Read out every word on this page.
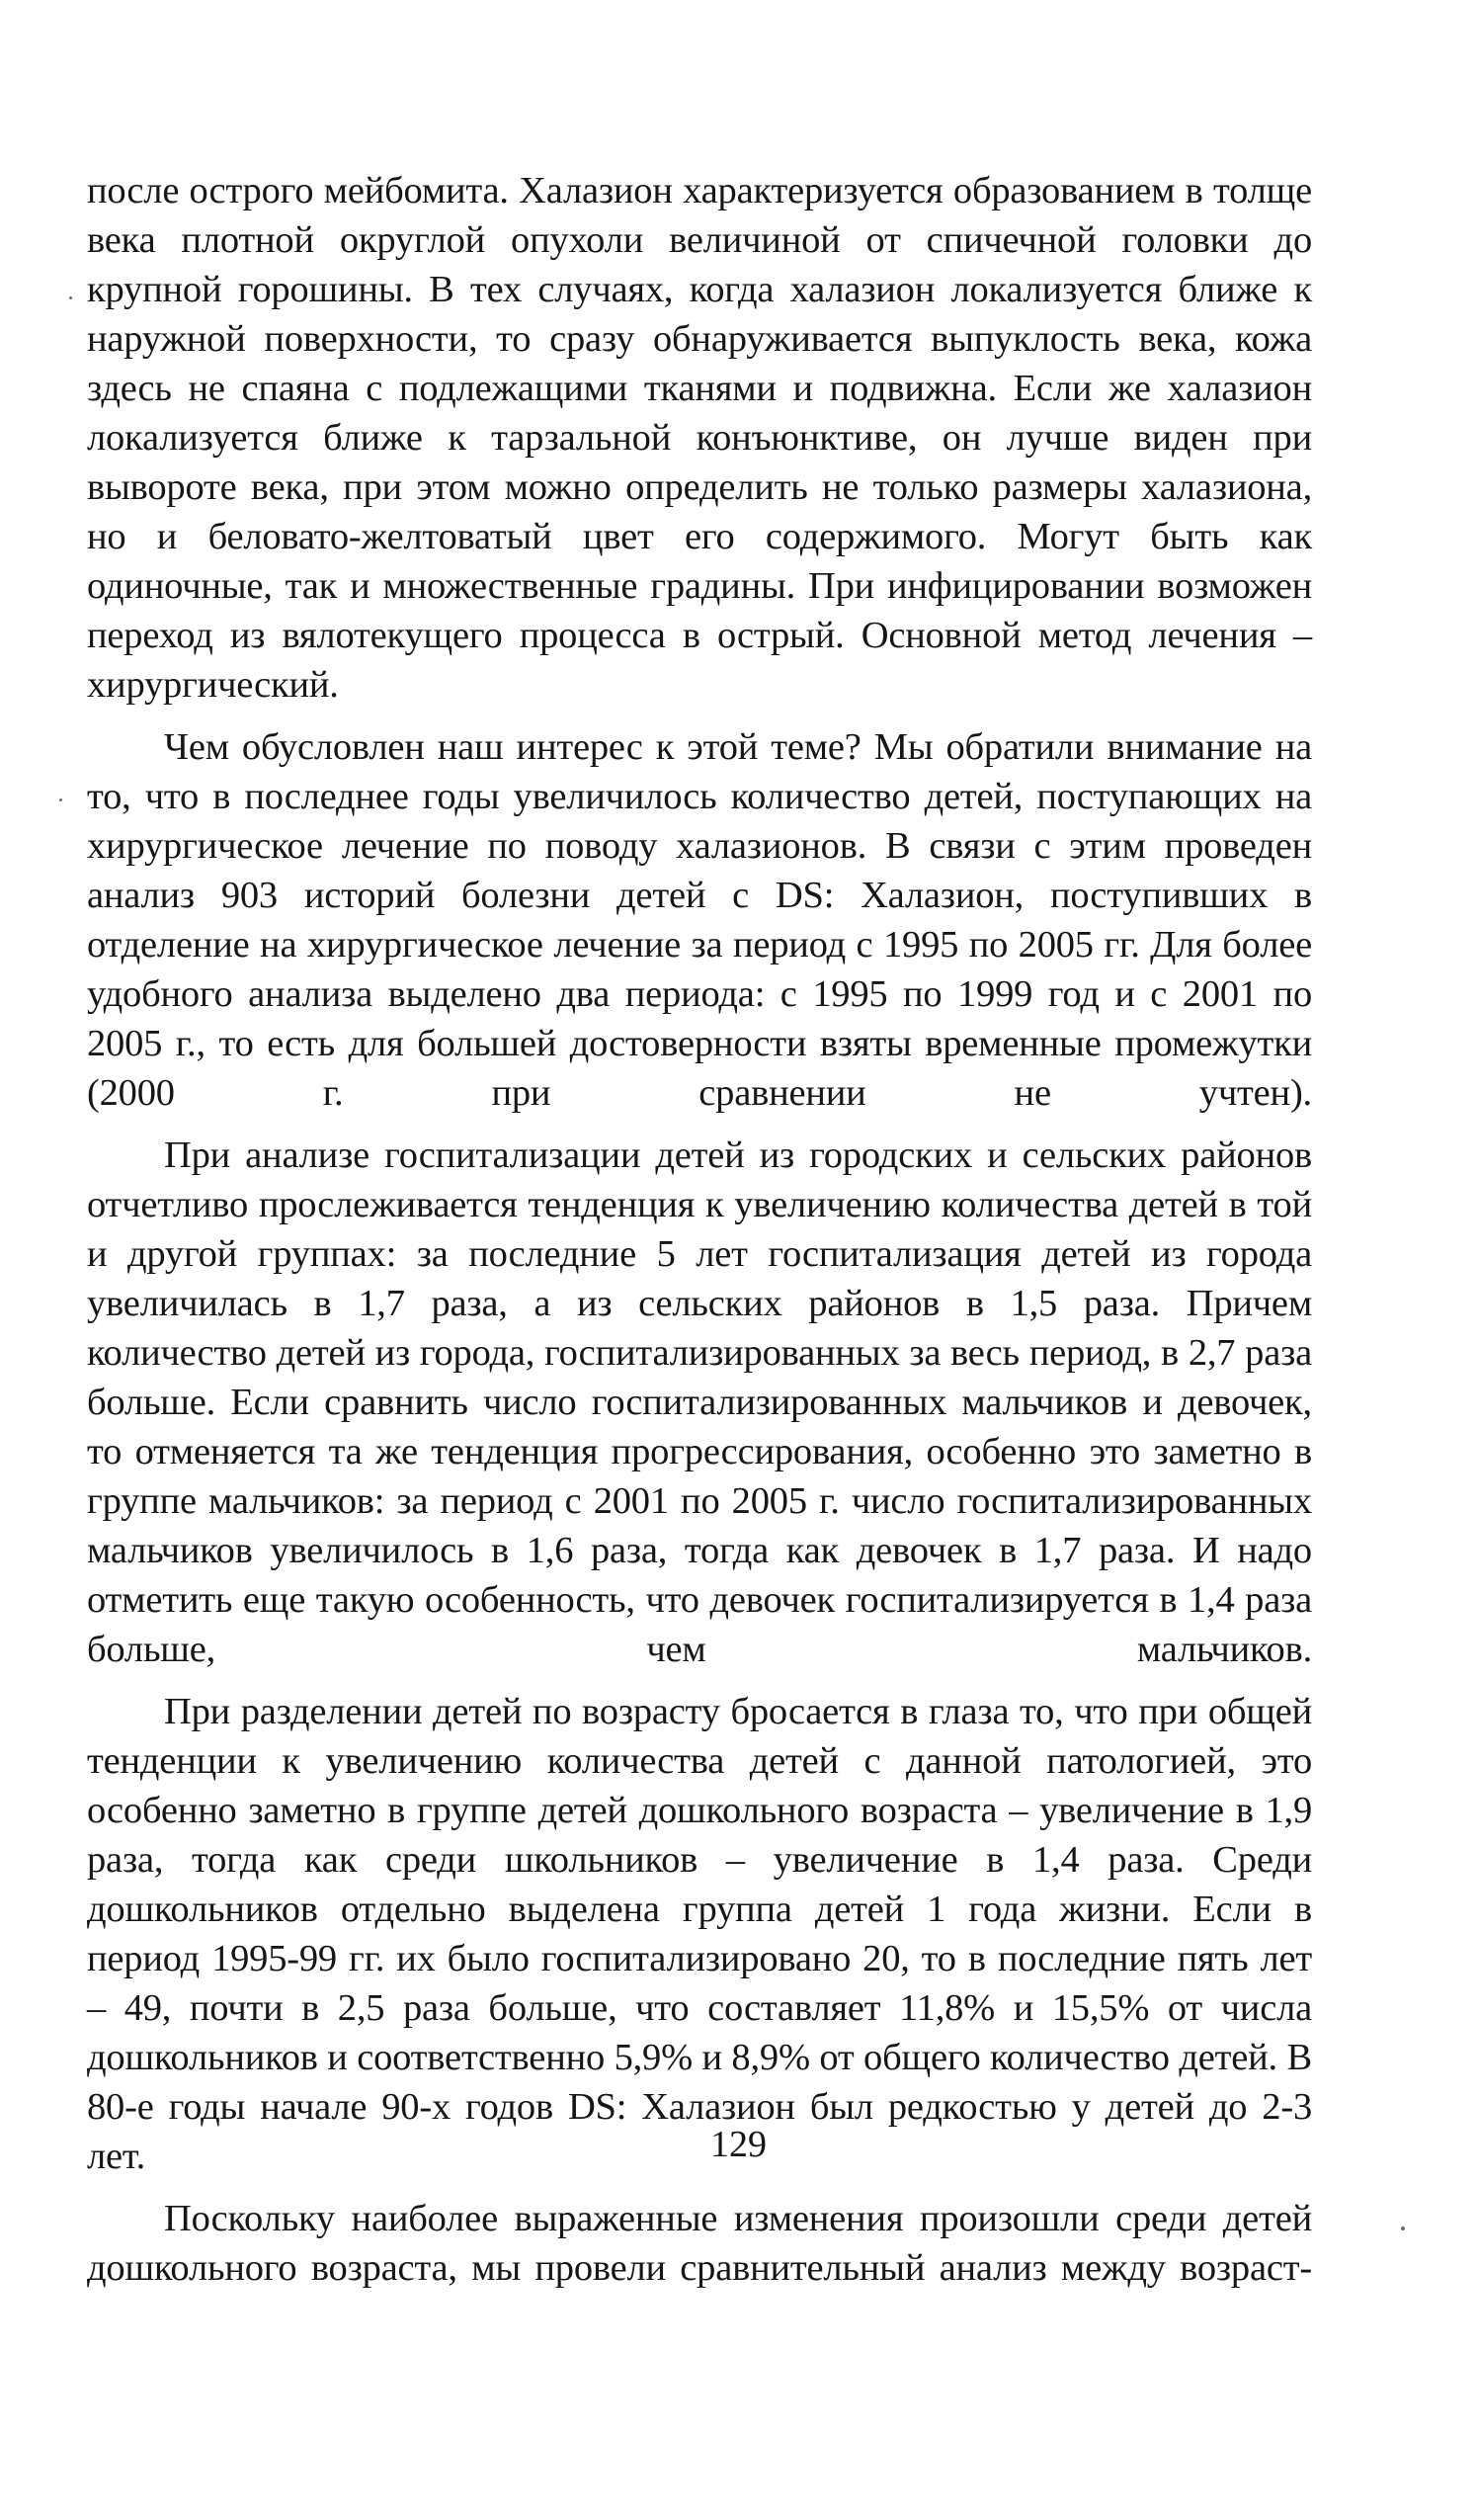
после острого мейбомита. Халазион характеризуется образованием в толще века плотной округлой опухоли величиной от спичечной головки до крупной горошины. В тех случаях, когда халазион локализуется ближе к наружной поверхности, то сразу обнаруживается выпуклость века, кожа здесь не спаяна с подлежащими тканями и подвижна. Если же халазион локализуется ближе к тарзальной конъюнктиве, он лучше виден при вывороте века, при этом можно определить не только размеры халазиона, но и беловато-желтоватый цвет его содержимого. Могут быть как одиночные, так и множественные градины. При инфицировании возможен переход из вялотекущего процесса в острый. Основной метод лечения – хирургический.

Чем обусловлен наш интерес к этой теме? Мы обратили внимание на то, что в последнее годы увеличилось количество детей, поступающих на хирургическое лечение по поводу халазионов. В связи с этим проведен анализ 903 историй болезни детей с DS: Халазион, поступивших в отделение на хирургическое лечение за период с 1995 по 2005 гг. Для более удобного анализа выделено два периода: с 1995 по 1999 год и с 2001 по 2005 г., то есть для большей достоверности взяты временные промежутки (2000 г. при сравнении не учтен).

При анализе госпитализации детей из городских и сельских районов отчетливо прослеживается тенденция к увеличению количества детей в той и другой группах: за последние 5 лет госпитализация детей из города увеличилась в 1,7 раза, а из сельских районов в 1,5 раза. Причем количество детей из города, госпитализированных за весь период, в 2,7 раза больше. Если сравнить число госпитализированных мальчиков и девочек, то отменяется та же тенденция прогрессирования, особенно это заметно в группе мальчиков: за период с 2001 по 2005 г. число госпитализированных мальчиков увеличилось в 1,6 раза, тогда как девочек в 1,7 раза. И надо отметить еще такую особенность, что девочек госпитализируется в 1,4 раза больше, чем мальчиков.

При разделении детей по возрасту бросается в глаза то, что при общей тенденции к увеличению количества детей с данной патологией, это особенно заметно в группе детей дошкольного возраста – увеличение в 1,9 раза, тогда как среди школьников – увеличение в 1,4 раза. Среди дошкольников отдельно выделена группа детей 1 года жизни. Если в период 1995-99 гг. их было госпитализировано 20, то в последние пять лет – 49, почти в 2,5 раза больше, что составляет 11,8% и 15,5% от числа дошкольников и соответственно 5,9% и 8,9% от общего количество детей. В 80-е годы начале 90-х годов DS: Халазион был редкостью у детей до 2-3 лет.

Поскольку наиболее выраженные изменения произошли среди детей дошкольного возраста, мы провели сравнительный анализ между возраст-

129
